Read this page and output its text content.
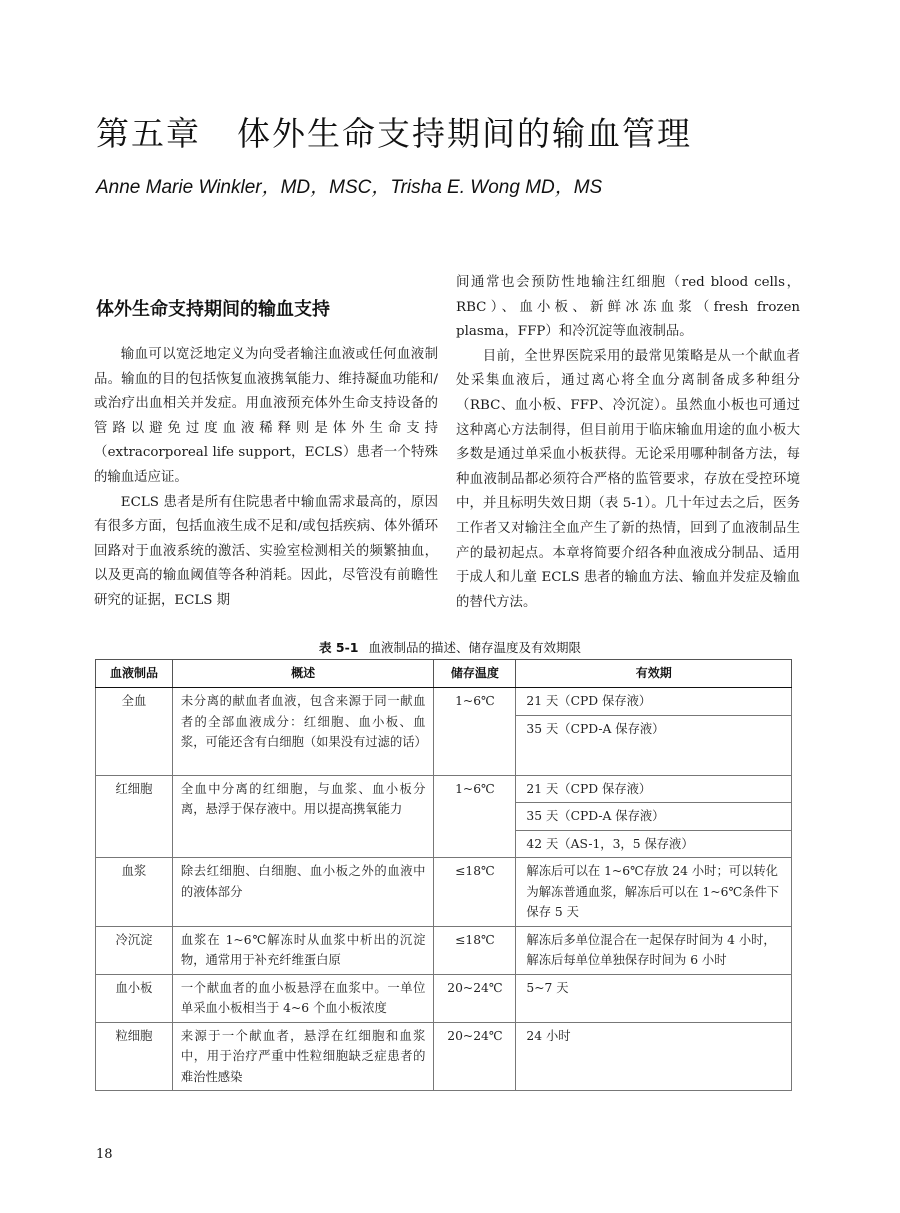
第五章 体外生命支持期间的输血管理
Anne Marie Winkler，MD，MSC，Trisha E. Wong MD，MS
体外生命支持期间的输血支持

输血可以宽泛地定义为向受者输注血液或任何血液制品。输血的目的包括恢复血液携氧能力、维持凝血功能和/或治疗出血相关并发症。用血液预充体外生命支持设备的管路以避免过度血液稀释则是体外生命支持（extracorporeal life support，ECLS）患者一个特殊的输血适应证。

ECLS 患者是所有住院患者中输血需求最高的，原因有很多方面，包括血液生成不足和/或包括疾病、体外循环回路对于血液系统的激活、实验室检测相关的频繁抽血，以及更高的输血阈值等各种消耗。因此，尽管没有前瞻性研究的证据，ECLS 期

间通常也会预防性地输注红细胞（red blood cells，RBC）、血小板、新鲜冰冻血浆（fresh frozen plasma，FFP）和冷沉淀等血液制品。

目前，全世界医院采用的最常见策略是从一个献血者处采集血液后，通过离心将全血分离制备成多种组分（RBC、血小板、FFP、冷沉淀）。虽然血小板也可通过这种离心方法制得，但目前用于临床输血用途的血小板大多数是通过单采血小板获得。无论采用哪种制备方法，每种血液制品都必须符合严格的监管要求，存放在受控环境中，并且标明失效日期（表 5-1）。几十年过去之后，医务工作者又对输注全血产生了新的热情，回到了血液制品生产的最初起点。本章将简要介绍各种血液成分制品、适用于成人和儿童 ECLS 患者的输血方法、输血并发症及输血的替代方法。

表 5-1 血液制品的描述、储存温度及有效期限
血液制品	概述	储存温度	有效期
全血	未分离的献血者血液，包含来源于同一献血者的全部血液成分：红细胞、血小板、血浆，可能还含有白细胞（如果没有过滤的话）	1~6℃	21 天（CPD 保存液）
			35 天（CPD-A 保存液）
红细胞	全血中分离的红细胞，与血浆、血小板分离，悬浮于保存液中。用以提高携氧能力	1~6℃	21 天（CPD 保存液）
			35 天（CPD-A 保存液）
			42 天（AS-1，3，5 保存液）
血浆	除去红细胞、白细胞、血小板之外的血液中的液体部分	≤18℃	解冻后可以在 1~6℃存放 24 小时；可以转化为解冻普通血浆，解冻后可以在 1~6℃条件下保存 5 天
冷沉淀	血浆在 1~6℃解冻时从血浆中析出的沉淀物，通常用于补充纤维蛋白原	≤18℃	解冻后多单位混合在一起保存时间为 4 小时，解冻后每单位单独保存时间为 6 小时
血小板	一个献血者的血小板悬浮在血浆中。一单位单采血小板相当于 4~6 个血小板浓度	20~24℃	5~7 天
粒细胞	来源于一个献血者，悬浮在红细胞和血浆中，用于治疗严重中性粒细胞缺乏症患者的难治性感染	20~24℃	24 小时
18
